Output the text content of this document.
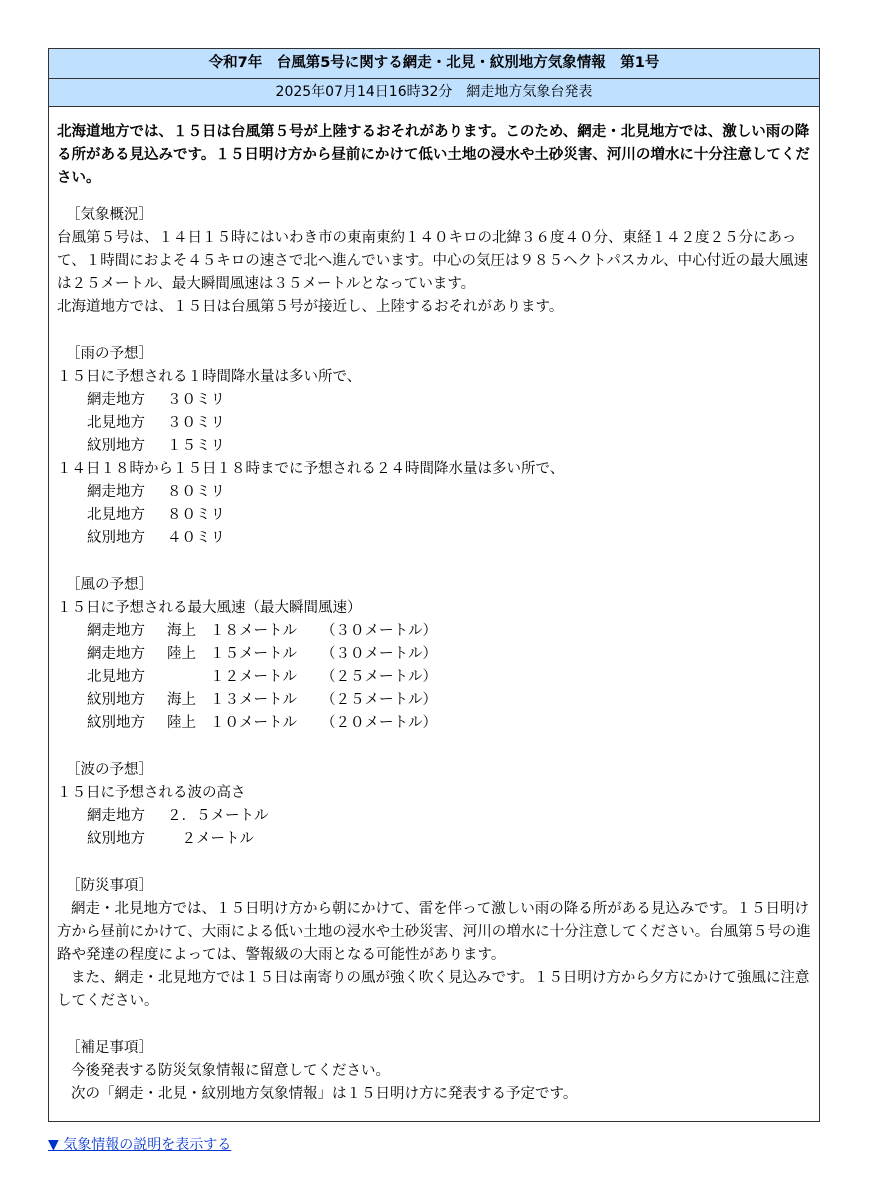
令和7年　台風第5号に関する網走・北見・紋別地方気象情報　第1号
2025年07月14日16時32分　網走地方気象台発表

北海道地方では、１５日は台風第５号が上陸するおそれがあります。このため、網走・北見地方では、激しい雨の降る所がある見込みです。１５日明け方から昼前にかけて低い土地の浸水や土砂災害、河川の増水に十分注意してください。

［気象概況］

台風第５号は、１４日１５時にはいわき市の東南東約１４０キロの北緯３６度４０分、東経１４２度２５分にあって、１時間におよそ４５キロの速さで北へ進んでいます。中心の気圧は９８５ヘクトパスカル、中心付近の最大風速は２５メートル、最大瞬間風速は３５メートルとなっています。

北海道地方では、１５日は台風第５号が接近し、上陸するおそれがあります。

［雨の予想］
１５日に予想される１時間降水量は多い所で、
網走地方 ３０ミリ
北見地方 ３０ミリ
紋別地方 １５ミリ
１４日１８時から１５日１８時までに予想される２４時間降水量は多い所で、
網走地方 ８０ミリ
北見地方 ８０ミリ
紋別地方 ４０ミリ
［風の予想］
１５日に予想される最大風速（最大瞬間風速）
網走地方 海上 １８メートル （３０メートル）
網走地方 陸上 １５メートル （３０メートル）
北見地方	１２メートル （２５メートル）
紋別地方 海上 １３メートル （２５メートル）
紋別地方 陸上 １０メートル （２０メートル）
［波の予想］
１５日に予想される波の高さ
網走地方 ２．５メートル
紋別地方　２メートル
［防災事項］

網走・北見地方では、１５日明け方から朝にかけて、雷を伴って激しい雨の降る所がある見込みです。１５日明け方から昼前にかけて、大雨による低い土地の浸水や土砂災害、河川の増水に十分注意してください。台風第５号の進路や発達の程度によっては、警報級の大雨となる可能性があります。

また、網走・北見地方では１５日は南寄りの風が強く吹く見込みです。１５日明け方から夕方にかけて強風に注意してください。

［補足事項］
今後発表する防災気象情報に留意してください。
次の「網走・北見・紋別地方気象情報」は１５日明け方に発表する予定です。
▼ 気象情報の説明を表示する
